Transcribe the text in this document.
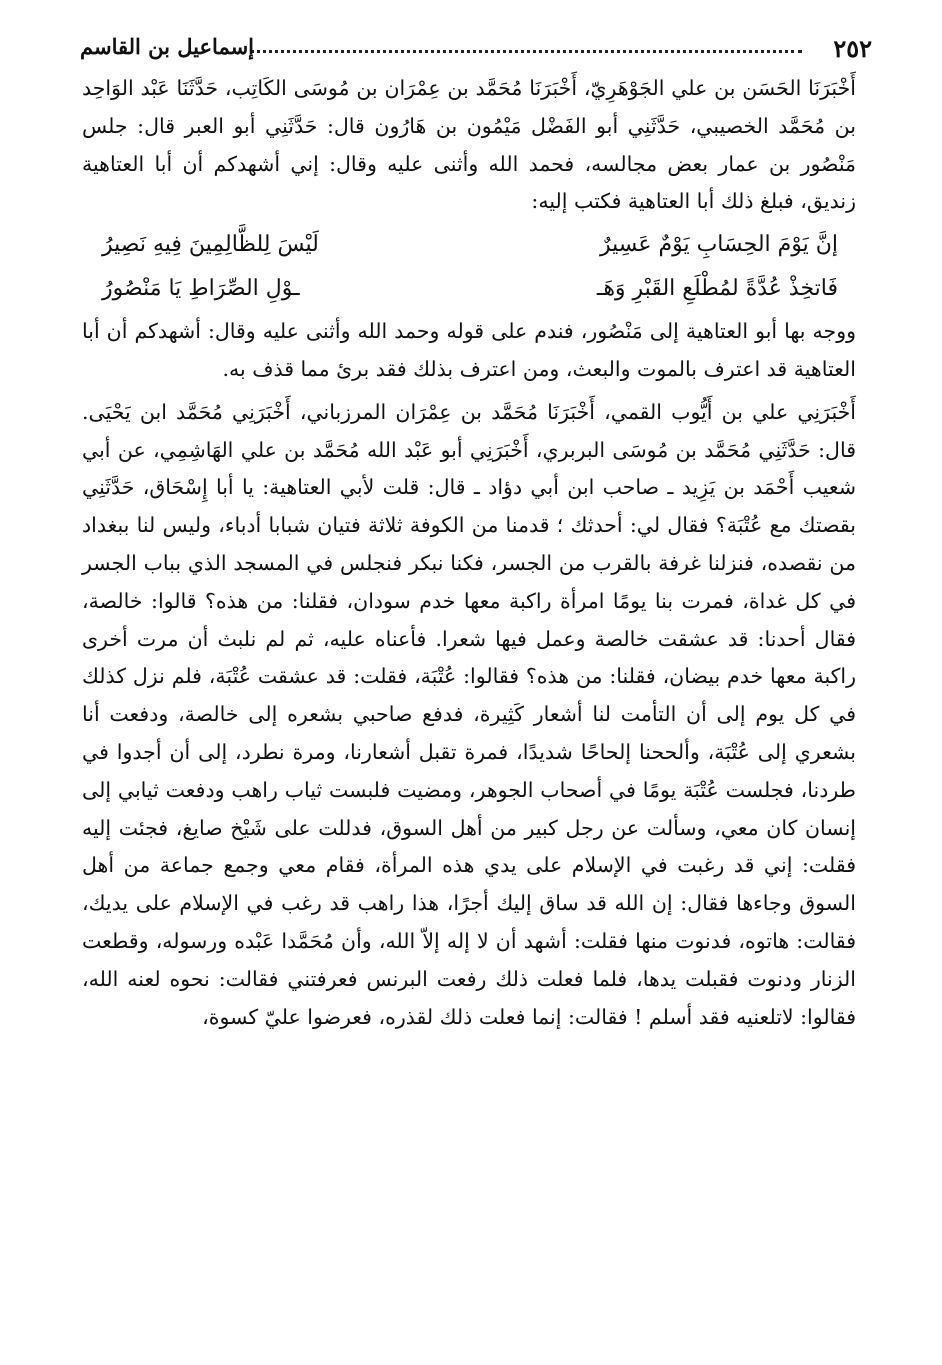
٢٥٢
إسماعيل بن القاسم

أَخْبَرَنَا الحَسَن بن علي الجَوْهَرِيّ، أَخْبَرَنَا مُحَمَّد بن عِمْرَان بن مُوسَى الكَاتِب، حَدَّثَنَا عَبْد الوَاحِد بن مُحَمَّد الخصيبي، حَدَّثَنِي أبو الفَضْل مَيْمُون بن هَارُون قال: حَدَّثَنِي أبو العبر قال: جلس مَنْصُور بن عمار بعض مجالسه، فحمد الله وأثنى عليه وقال: إني أشهدكم أن أبا العتاهية زنديق، فبلغ ذلك أبا العتاهية فكتب إليه:

إنَّ يَوْمَ الحِسَابِ يَوْمٌ عَسِيرٌ
لَيْسَ لِلظَّالِمِينَ فِيهِ نَصِيرُ
فَاتخِذْ عُدَّةً لمُطْلَعِ القَبْرِ وَهَـ
ـوْلِ الصِّرَاطِ يَا مَنْصُورُ

ووجه بها أبو العتاهية إلى مَنْصُور، فندم على قوله وحمد الله وأثنى عليه وقال: أشهدكم أن أبا العتاهية قد اعترف بالموت والبعث، ومن اعترف بذلك فقد برئ مما قذف به.

أَخْبَرَنِي علي بن أَيُّوب القمي، أَخْبَرَنَا مُحَمَّد بن عِمْرَان المرزباني، أَخْبَرَنِي مُحَمَّد ابن يَحْيَى. قال: حَدَّثَنِي مُحَمَّد بن مُوسَى البربري، أَخْبَرَنِي أبو عَبْد الله مُحَمَّد بن علي الهَاشِمِي، عن أبي شعيب أَحْمَد بن يَزِيد ـ صاحب ابن أبي دؤاد ـ قال: قلت لأبي العتاهية: يا أبا إِسْحَاق، حَدَّثَنِي بقصتك مع عُتْبَة؟ فقال لي: أحدثك ؛ قدمنا من الكوفة ثلاثة فتيان شبابا أدباء، وليس لنا ببغداد من نقصده، فنزلنا غرفة بالقرب من الجسر، فكنا نبكر فنجلس في المسجد الذي بباب الجسر في كل غداة، فمرت بنا يومًا امرأة راكبة معها خدم سودان، فقلنا: من هذه؟ قالوا: خالصة، فقال أحدنا: قد عشقت خالصة وعمل فيها شعرا. فأعناه عليه، ثم لم نلبث أن مرت أخرى راكبة معها خدم بيضان، فقلنا: من هذه؟ فقالوا: عُتْبَة، فقلت: قد عشقت عُتْبَة، فلم نزل كذلك في كل يوم إلى أن التأمت لنا أشعار كَثِيرة، فدفع صاحبي بشعره إلى خالصة، ودفعت أنا بشعري إلى عُتْبَة، وألححنا إلحاحًا شديدًا، فمرة تقبل أشعارنا، ومرة نطرد، إلى أن أجدوا في طردنا، فجلست عُتْبَة يومًا في أصحاب الجوهر، ومضيت فلبست ثياب راهب ودفعت ثيابي إلى إنسان كان معي، وسألت عن رجل كبير من أهل السوق، فدللت على شَيْخ صايغ، فجئت إليه فقلت: إني قد رغبت في الإسلام على يدي هذه المرأة، فقام معي وجمع جماعة من أهل السوق وجاءها فقال: إن الله قد ساق إليك أجرًا، هذا راهب قد رغب في الإسلام على يديك، فقالت: هاتوه، فدنوت منها فقلت: أشهد أن لا إله إلاّ الله، وأن مُحَمَّدا عَبْده ورسوله، وقطعت الزنار ودنوت فقبلت يدها، فلما فعلت ذلك رفعت البرنس فعرفتني فقالت: نحوه لعنه الله، فقالوا: لاتلعنيه فقد أسلم ! فقالت: إنما فعلت ذلك لقذره، فعرضوا عليّ كسوة،
